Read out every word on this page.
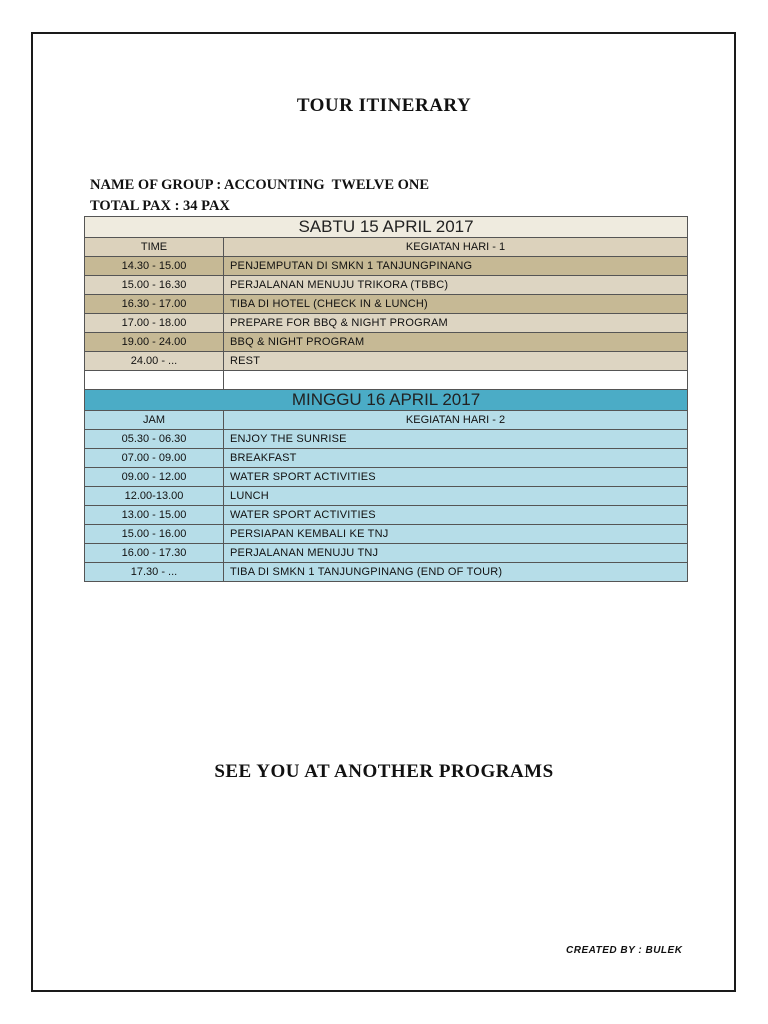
TOUR ITINERARY
NAME OF GROUP : ACCOUNTING  TWELVE ONE
TOTAL PAX : 34 PAX
SABTU 15 APRIL 2017	
TIME	KEGIATAN HARI - 1
14.30 - 15.00	PENJEMPUTAN DI SMKN 1 TANJUNGPINANG
15.00 - 16.30	PERJALANAN MENUJU TRIKORA (TBBC)
16.30 - 17.00	TIBA DI HOTEL (CHECK IN & LUNCH)
17.00 - 18.00	PREPARE FOR BBQ & NIGHT PROGRAM
19.00 - 24.00	BBQ & NIGHT PROGRAM
24.00 - ...	REST

MINGGU 16 APRIL 2017	
JAM	KEGIATAN HARI - 2
05.30 - 06.30	ENJOY THE SUNRISE
07.00 - 09.00	BREAKFAST
09.00 - 12.00	WATER SPORT ACTIVITIES
12.00-13.00	LUNCH
13.00 - 15.00	WATER SPORT ACTIVITIES
15.00 - 16.00	PERSIAPAN KEMBALI KE TNJ
16.00 - 17.30	PERJALANAN MENUJU TNJ
17.30 - ...	TIBA DI SMKN 1 TANJUNGPINANG (END OF TOUR)
SEE YOU AT ANOTHER PROGRAMS
CREATED BY : BULEK
